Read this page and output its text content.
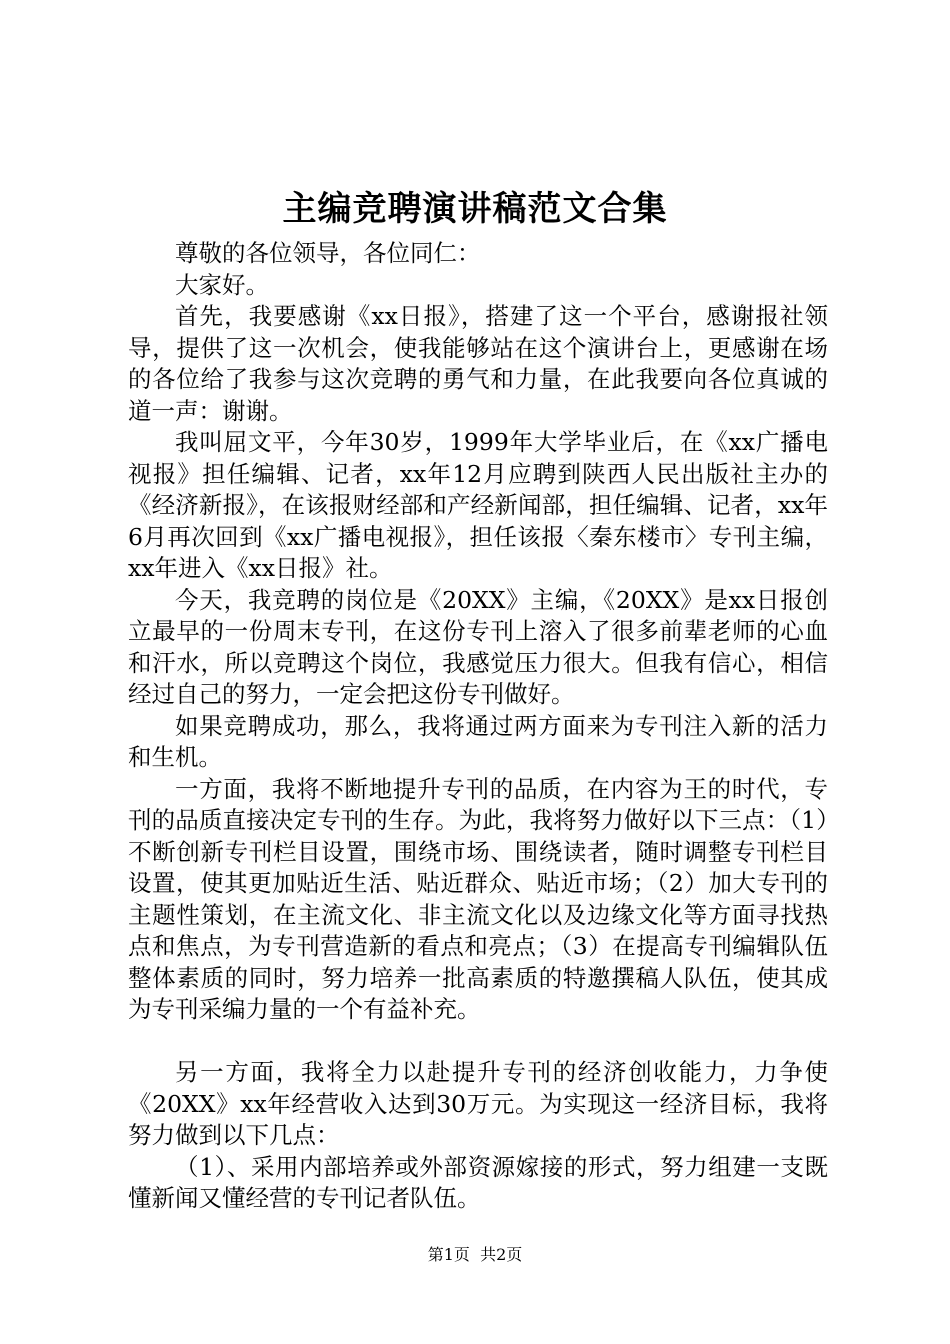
主编竞聘演讲稿范文合集

尊敬的各位领导，各位同仁：

大家好。

首先，我要感谢《xx日报》，搭建了这一个平台，感谢报社领导，提供了这一次机会，使我能够站在这个演讲台上，更感谢在场的各位给了我参与这次竞聘的勇气和力量，在此我要向各位真诚的道一声：谢谢。

我叫屈文平，今年30岁，1999年大学毕业后，在《xx广播电视报》担任编辑、记者，xx年12月应聘到陕西人民出版社主办的《经济新报》，在该报财经部和产经新闻部，担任编辑、记者，xx年6月再次回到《xx广播电视报》，担任该报〈秦东楼市〉专刊主编，xx年进入《xx日报》社。

今天，我竞聘的岗位是《20XX》主编，《20XX》是xx日报创立最早的一份周末专刊，在这份专刊上溶入了很多前辈老师的心血和汗水，所以竞聘这个岗位，我感觉压力很大。但我有信心，相信经过自己的努力，一定会把这份专刊做好。

如果竞聘成功，那么，我将通过两方面来为专刊注入新的活力和生机。

一方面，我将不断地提升专刊的品质，在内容为王的时代，专刊的品质直接决定专刊的生存。为此，我将努力做好以下三点：（1）不断创新专刊栏目设置，围绕市场、围绕读者，随时调整专刊栏目设置，使其更加贴近生活、贴近群众、贴近市场；（2）加大专刊的主题性策划，在主流文化、非主流文化以及边缘文化等方面寻找热点和焦点，为专刊营造新的看点和亮点；（3）在提高专刊编辑队伍整体素质的同时，努力培养一批高素质的特邀撰稿人队伍，使其成为专刊采编力量的一个有益补充。

另一方面，我将全力以赴提升专刊的经济创收能力，力争使《20XX》xx年经营收入达到30万元。为实现这一经济目标，我将努力做到以下几点：

（1）、采用内部培养或外部资源嫁接的形式，努力组建一支既懂新闻又懂经营的专刊记者队伍。

第1页  共2页
